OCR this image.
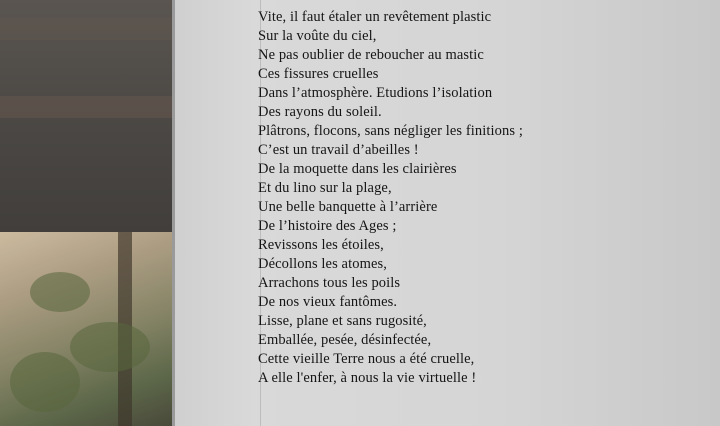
Vite, il faut étaler un revêtement plastic
Sur la voûte du ciel,
Ne pas oublier de reboucher au mastic
Ces fissures cruelles
Dans l’atmosphère. Etudions l’isolation
Des rayons du soleil.
Plâtrons, flocons, sans négliger les finitions ;
C’est un travail d’abeilles !
De la moquette dans les clairières
Et du lino sur la plage,
Une belle banquette à l’arrière
De l’histoire des Ages ;
Revissons les étoiles,
Décollons les atomes,
Arrachons tous les poils
De nos vieux fantômes.
Lisse, plane et sans rugosité,
Emballée, pesée, désinfectée,
Cette vieille Terre nous a été cruelle,
A elle l'enfer, à nous la vie virtuelle !
